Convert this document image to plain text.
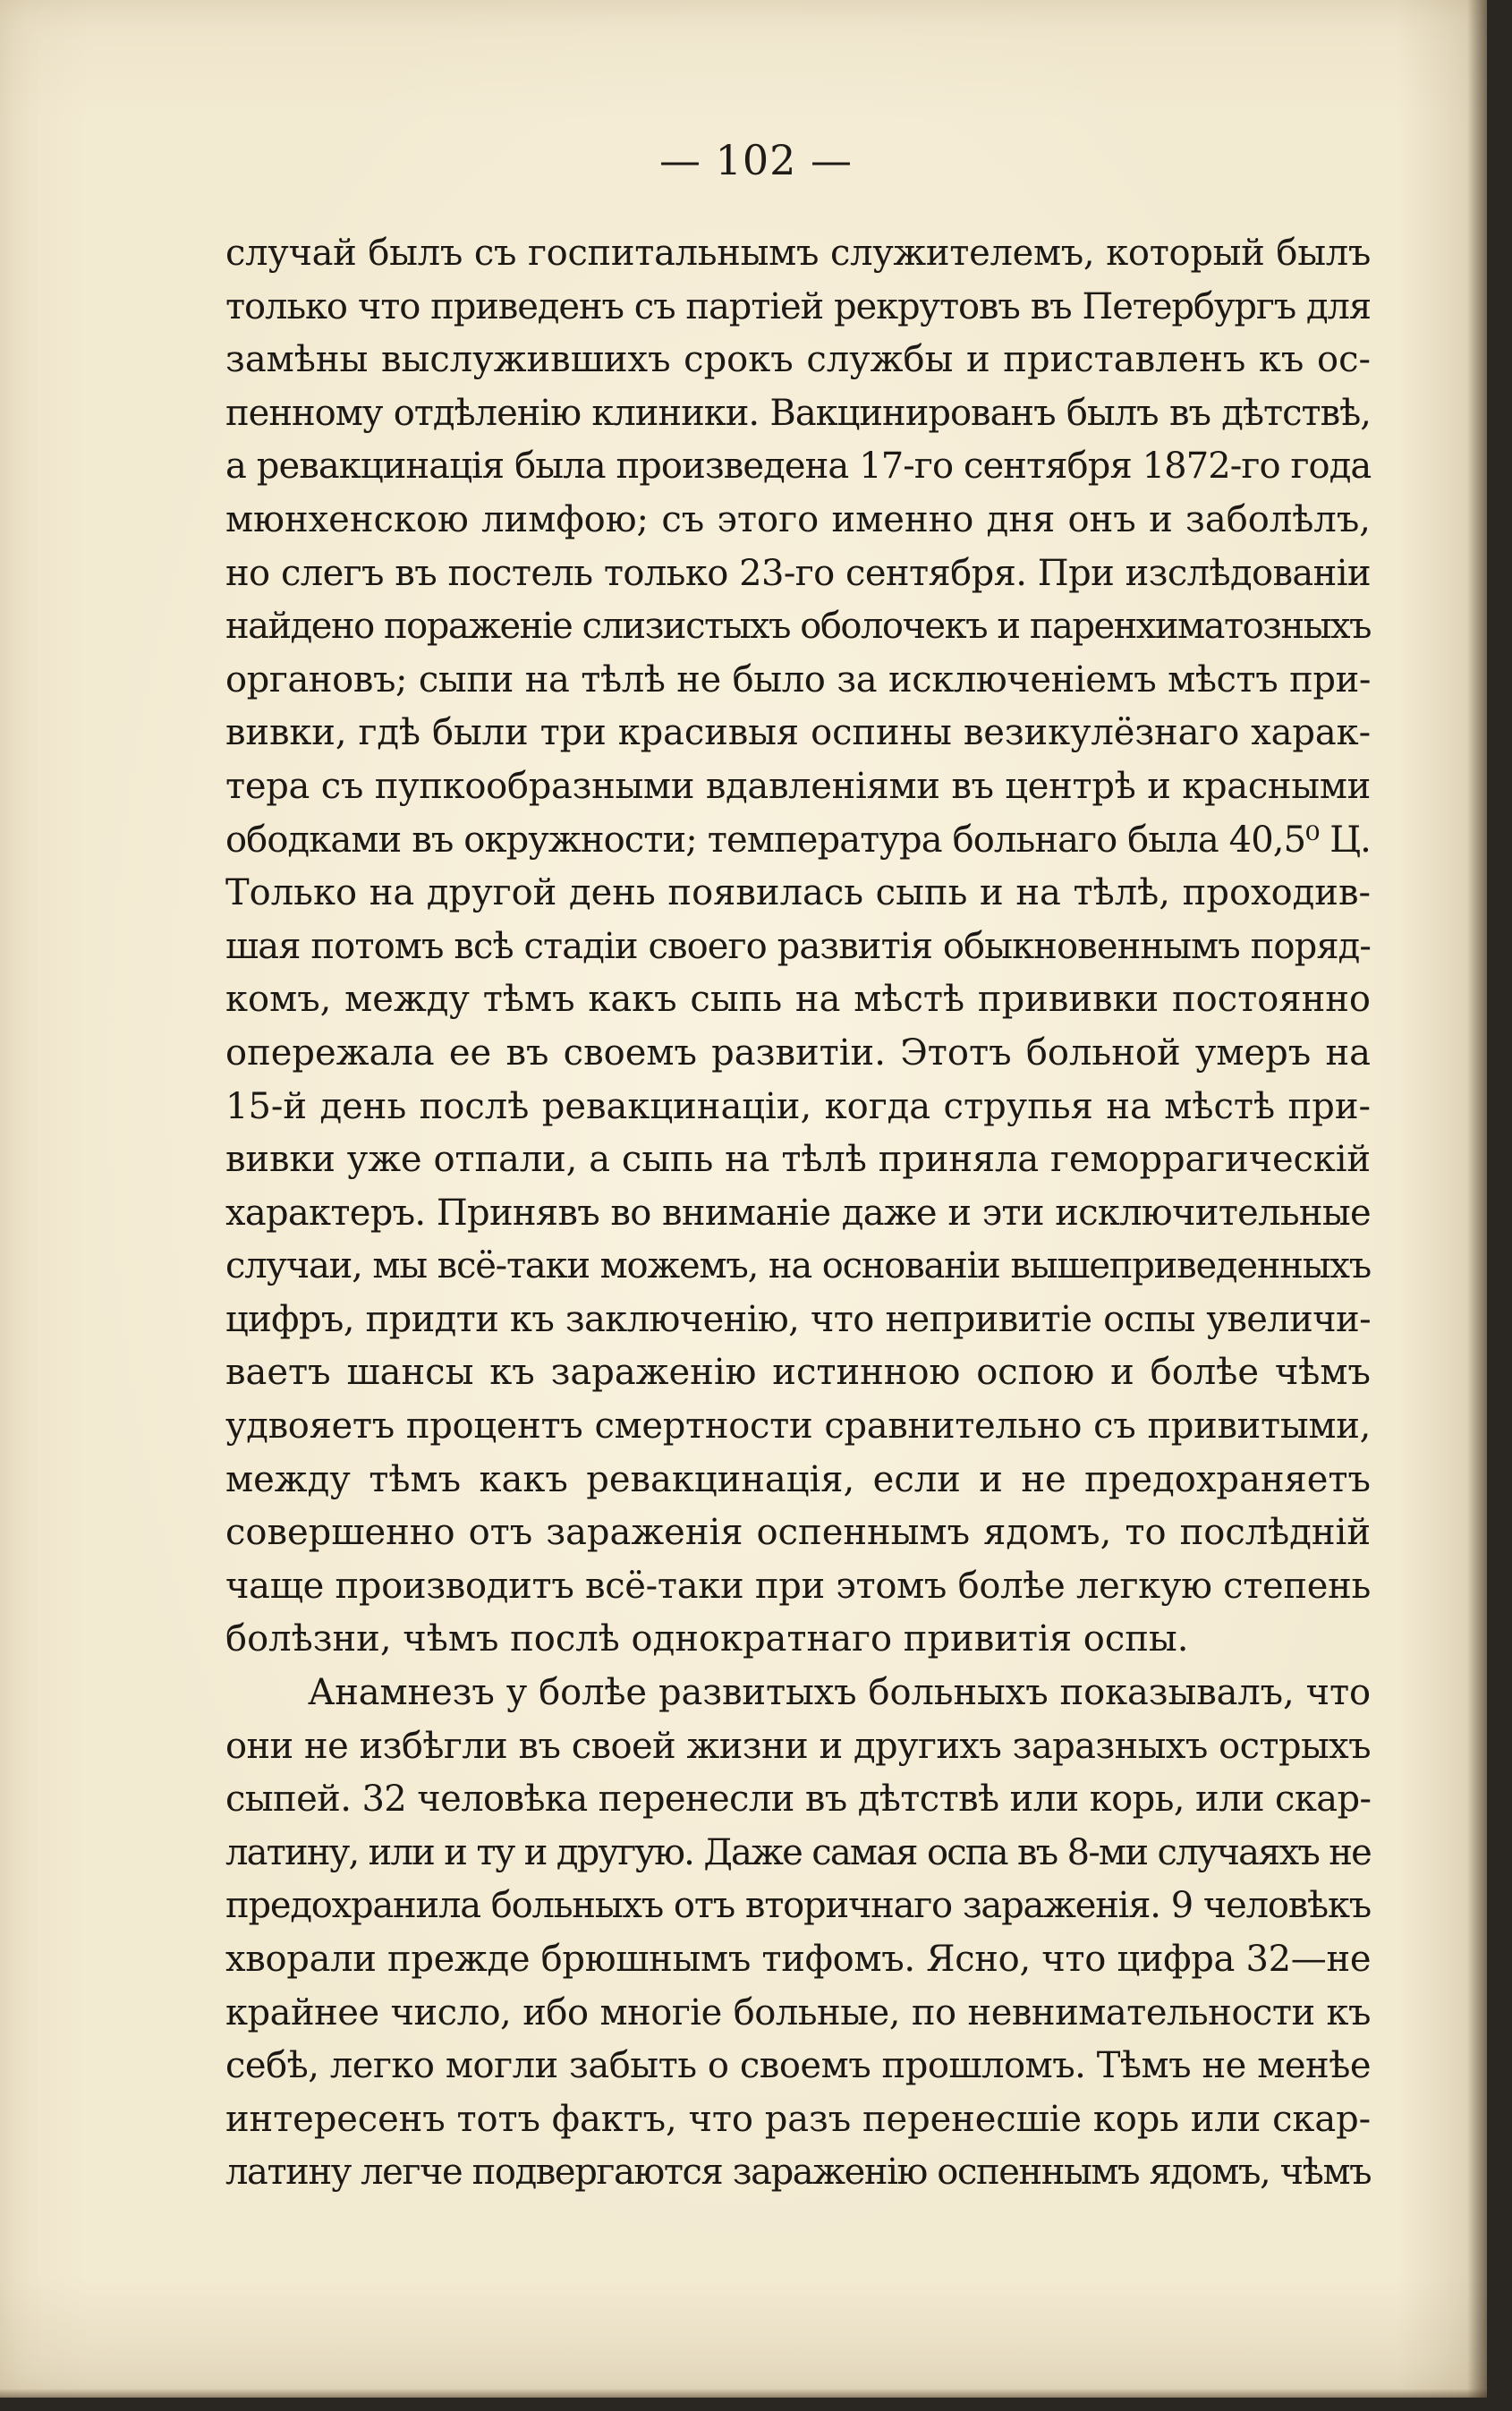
— 102 —
случай былъ съ госпитальнымъ служителемъ, который былъ
только что приведенъ съ партіей рекрутовъ въ Петербургъ для
замѣны выслужившихъ срокъ службы и приставленъ къ ос-
пенному отдѣленію клиники. Вакцинированъ былъ въ дѣтствѣ,
а ревакцинація была произведена 17-го сентября 1872-го года
мюнхенскою лимфою; съ этого именно дня онъ и заболѣлъ,
но слегъ въ постель только 23-го сентября. При изслѣдованіи
найдено пораженіе слизистыхъ оболочекъ и паренхиматозныхъ
органовъ; сыпи на тѣлѣ не было за исключеніемъ мѣстъ при-
вивки, гдѣ были три красивыя оспины везикулёзнаго харак-
тера съ пупкообразными вдавленіями въ центрѣ и красными
ободками въ окружности; температура больнаго была 40,5⁰ Ц.
Только на другой день появилась сыпь и на тѣлѣ, проходив-
шая потомъ всѣ стадіи своего развитія обыкновеннымъ поряд-
комъ, между тѣмъ какъ сыпь на мѣстѣ прививки постоянно
опережала ее въ своемъ развитіи. Этотъ больной умеръ на
15-й день послѣ ревакцинаціи, когда струпья на мѣстѣ при-
вивки уже отпали, а сыпь на тѣлѣ приняла геморрагическій
характеръ. Принявъ во вниманіе даже и эти исключительные
случаи, мы всё-таки можемъ, на основаніи вышеприведенныхъ
цифръ, придти къ заключенію, что непривитіе оспы увеличи-
ваетъ шансы къ зараженію истинною оспою и болѣе чѣмъ
удвояетъ процентъ смертности сравнительно съ привитыми,
между тѣмъ какъ ревакцинація, если и не предохраняетъ
совершенно отъ зараженія оспеннымъ ядомъ, то послѣдній
чаще производитъ всё-таки при этомъ болѣе легкую степень
болѣзни, чѣмъ послѣ однократнаго привитія оспы.
Анамнезъ у болѣе развитыхъ больныхъ показывалъ, что
они не избѣгли въ своей жизни и другихъ заразныхъ острыхъ
сыпей. 32 человѣка перенесли въ дѣтствѣ или корь, или скар-
латину, или и ту и другую. Даже самая оспа въ 8-ми случаяхъ не
предохранила больныхъ отъ вторичнаго зараженія. 9 человѣкъ
хворали прежде брюшнымъ тифомъ. Ясно, что цифра 32—не
крайнее число, ибо многіе больные, по невнимательности къ
себѣ, легко могли забыть о своемъ прошломъ. Тѣмъ не менѣе
интересенъ тотъ фактъ, что разъ перенесшіе корь или скар-
латину легче подвергаются зараженію оспеннымъ ядомъ, чѣмъ
